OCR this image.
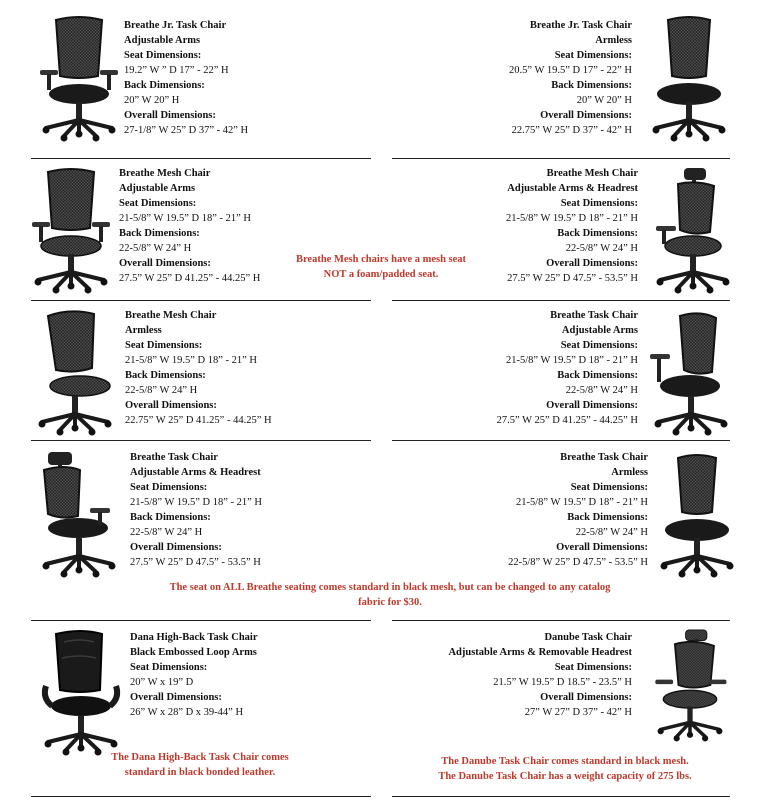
Breathe Jr. Task Chair
Adjustable Arms
Seat Dimensions:
19.2” W ” D 17” - 22” H
Back Dimensions:
20” W 20” H
Overall Dimensions:
27-1/8” W 25” D 37” - 42” H
Breathe Jr. Task Chair
Armless
Seat Dimensions:
20.5” W 19.5” D 17” - 22” H
Back Dimensions:
20” W 20” H
Overall Dimensions:
22.75” W 25” D 37” - 42” H
Breathe Mesh Chair
Adjustable Arms
Seat Dimensions:
21-5/8” W 19.5” D 18” - 21” H
Back Dimensions:
22-5/8” W 24” H
Overall Dimensions:
27.5” W 25” D 41.25” - 44.25” H
Breathe Mesh chairs have a mesh seat
NOT a foam/padded seat.
Breathe Mesh Chair
Adjustable Arms & Headrest
Seat Dimensions:
21-5/8” W 19.5” D 18” - 21” H
Back Dimensions:
22-5/8” W 24” H
Overall Dimensions:
27.5” W 25” D 47.5” - 53.5” H
Breathe Mesh Chair
Armless
Seat Dimensions:
21-5/8” W 19.5” D 18” - 21” H
Back Dimensions:
22-5/8” W 24” H
Overall Dimensions:
22.75” W 25” D 41.25” - 44.25” H
Breathe Task Chair
Adjustable Arms
Seat Dimensions:
21-5/8” W 19.5” D 18” - 21” H
Back Dimensions:
22-5/8” W 24” H
Overall Dimensions:
27.5” W 25” D 41.25” - 44.25” H
Breathe Task Chair
Adjustable Arms & Headrest
Seat Dimensions:
21-5/8” W 19.5” D 18” - 21” H
Back Dimensions:
22-5/8” W 24” H
Overall Dimensions:
27.5” W 25” D 47.5” - 53.5” H
Breathe Task Chair
Armless
Seat Dimensions:
21-5/8” W 19.5” D 18” - 21” H
Back Dimensions:
22-5/8” W 24” H
Overall Dimensions:
22-5/8” W 25” D 47.5” - 53.5” H
The seat on ALL Breathe seating comes standard in black mesh, but can be changed to any catalog
fabric for $30.
Dana High-Back Task Chair
Black Embossed Loop Arms
Seat Dimensions:
20” W x 19” D
Overall Dimensions:
26” W x 28” D x 39-44” H
Danube Task Chair
Adjustable Arms & Removable Headrest
Seat Dimensions:
21.5” W 19.5” D 18.5” - 23.5” H
Overall Dimensions:
27” W 27” D 37” - 42” H
The Dana High-Back Task Chair comes
standard in black bonded leather.
The Danube Task Chair comes standard in black mesh.
The Danube Task Chair has a weight capacity of 275 lbs.
